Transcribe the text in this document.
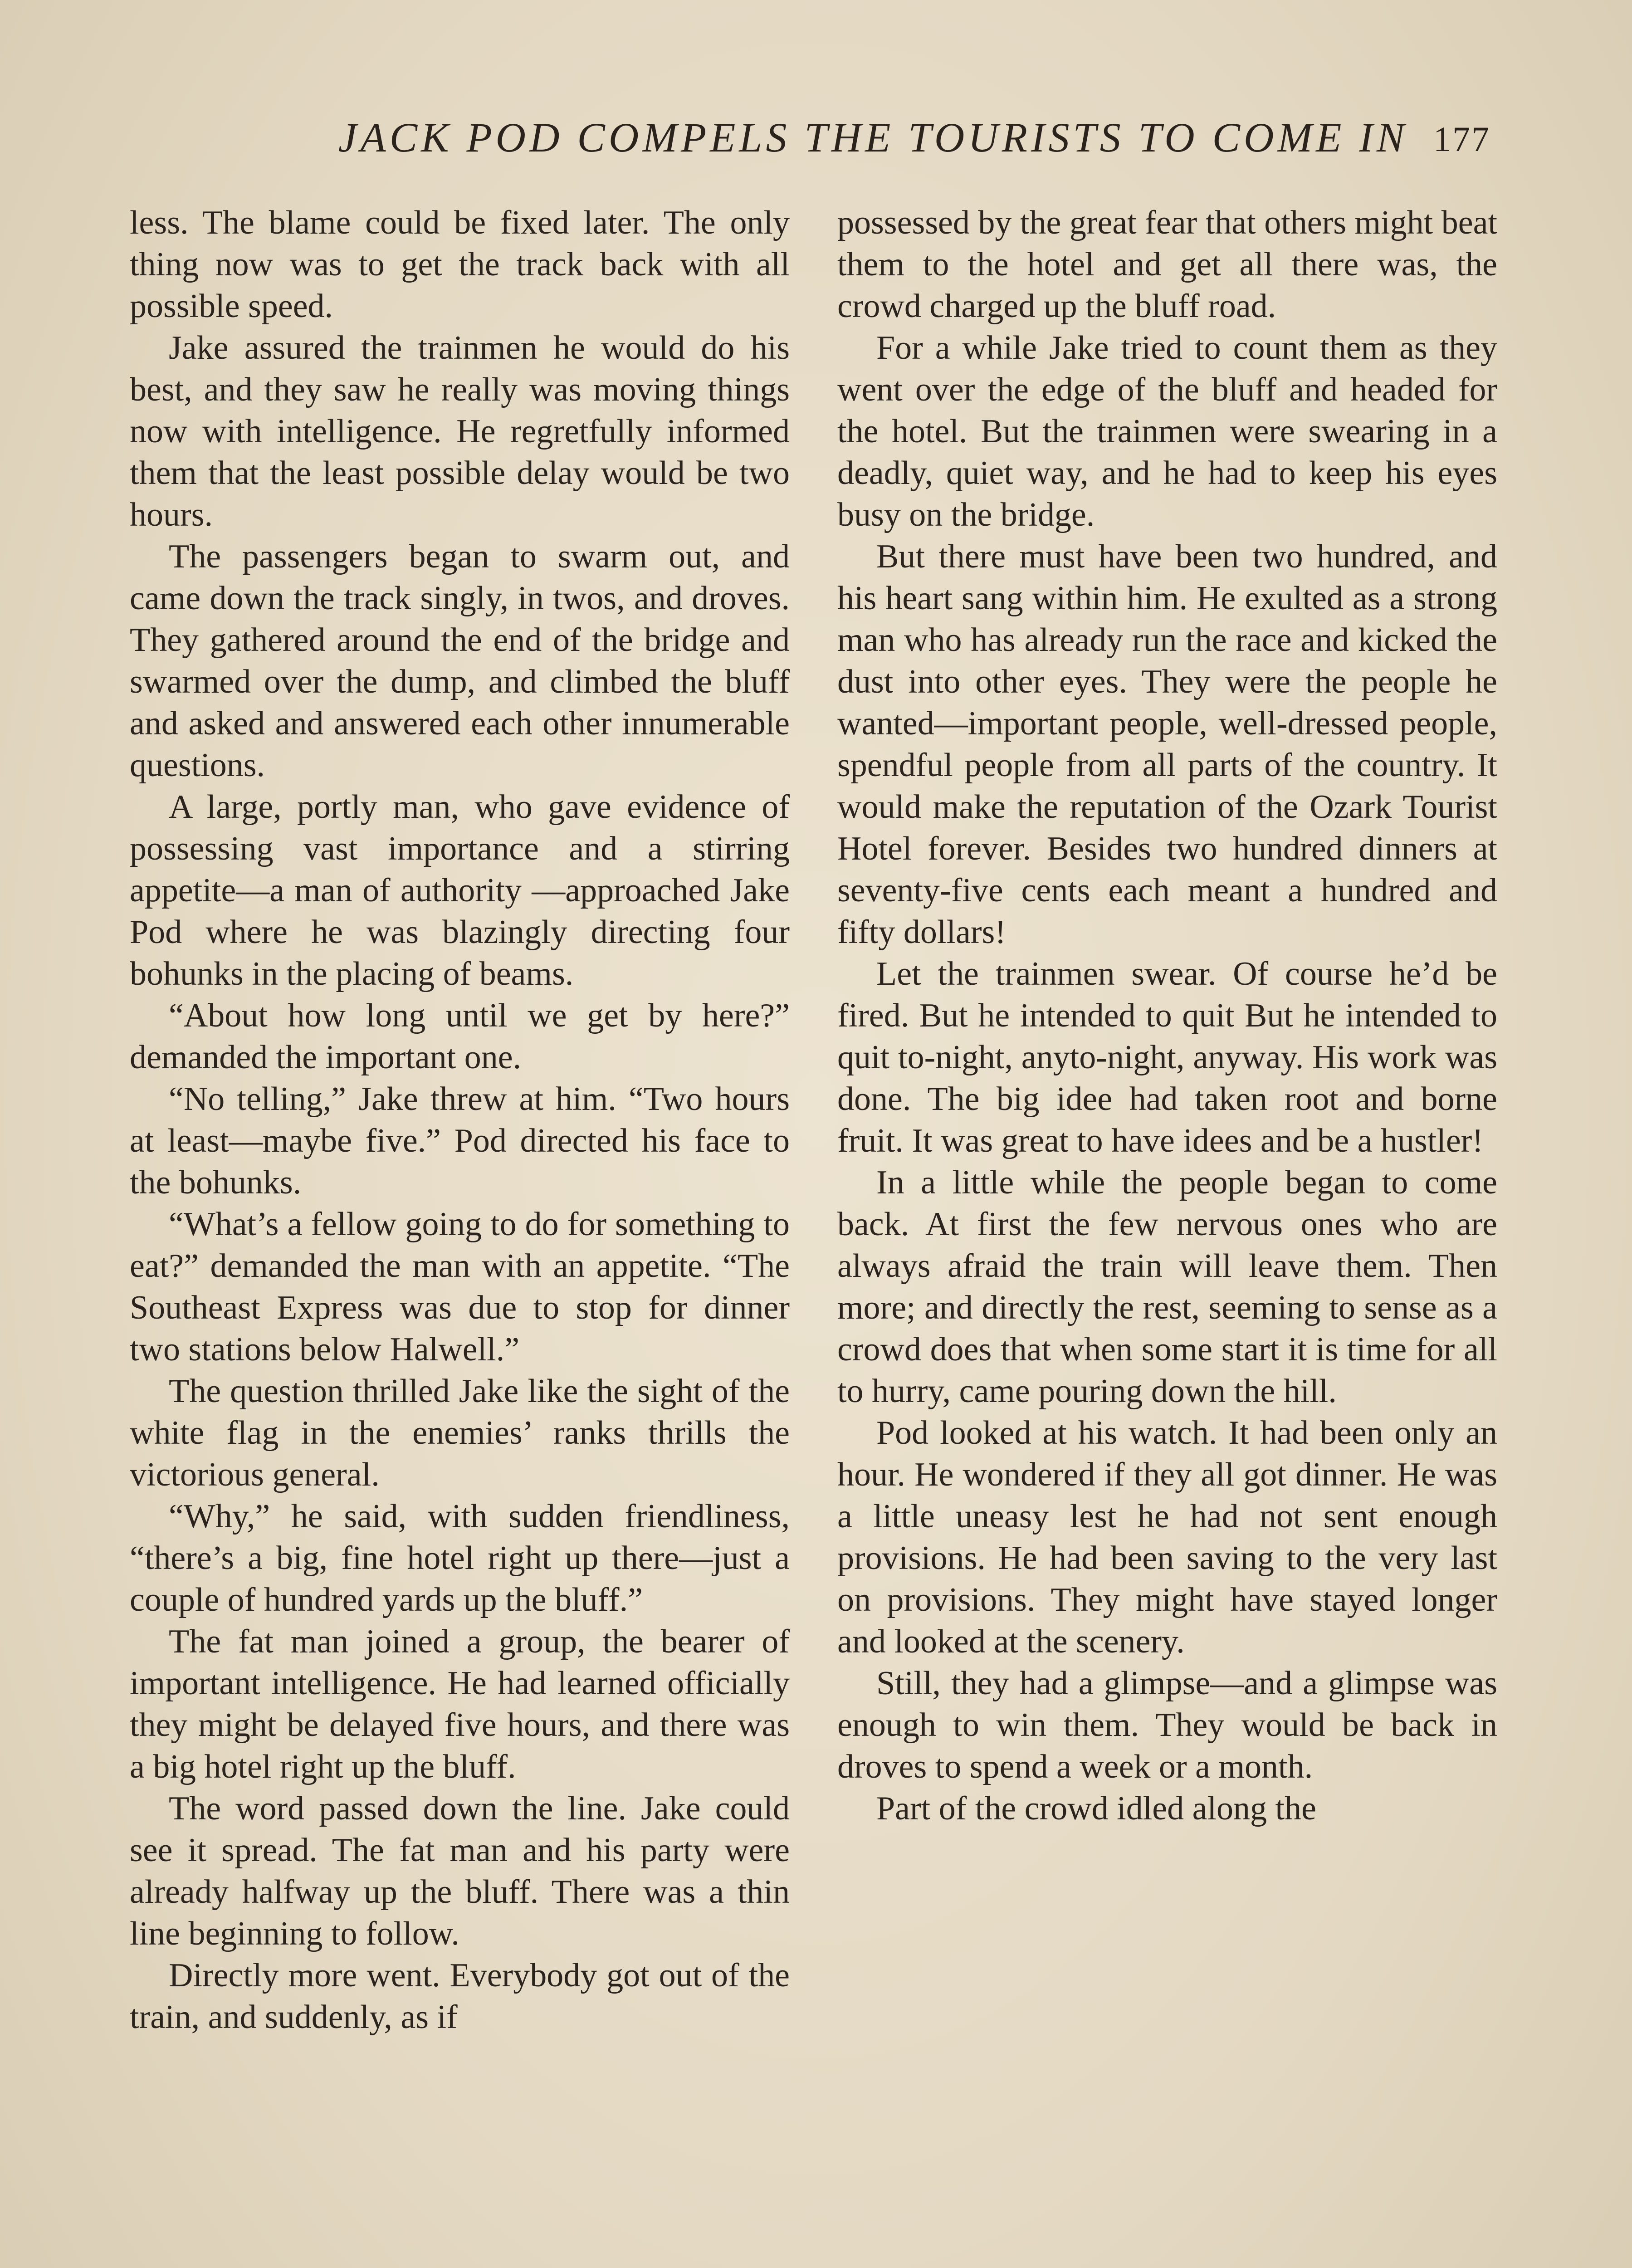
JACK POD COMPELS THE TOURISTS TO COME IN 177

less. The blame could be fixed later. The only thing now was to get the track back with all possible speed.

Jake assured the trainmen he would do his best, and they saw he really was moving things now with intelligence. He regretfully informed them that the least possible delay would be two hours.

The passengers began to swarm out, and came down the track singly, in twos, and droves. They gathered around the end of the bridge and swarmed over the dump, and climbed the bluff and asked and answered each other innumerable questions.

A large, portly man, who gave evidence of possessing vast importance and a stirring appetite—a man of authority —approached Jake Pod where he was blazingly directing four bohunks in the placing of beams.

“About how long until we get by here?” demanded the important one.

“No telling,” Jake threw at him. “Two hours at least—maybe five.” Pod directed his face to the bohunks.

“What’s a fellow going to do for something to eat?” demanded the man with an appetite. “The Southeast Express was due to stop for dinner two stations below Halwell.”

The question thrilled Jake like the sight of the white flag in the enemies’ ranks thrills the victorious general.

“Why,” he said, with sudden friendliness, “there’s a big, fine hotel right up there—just a couple of hundred yards up the bluff.”

The fat man joined a group, the bearer of important intelligence. He had learned officially they might be delayed five hours, and there was a big hotel right up the bluff.

The word passed down the line. Jake could see it spread. The fat man and his party were already halfway up the bluff. There was a thin line beginning to follow.

Directly more went. Everybody got out of the train, and suddenly, as if

possessed by the great fear that others might beat them to the hotel and get all there was, the crowd charged up the bluff road.

For a while Jake tried to count them as they went over the edge of the bluff and headed for the hotel. But the trainmen were swearing in a deadly, quiet way, and he had to keep his eyes busy on the bridge.

But there must have been two hundred, and his heart sang within him. He exulted as a strong man who has already run the race and kicked the dust into other eyes. They were the people he wanted—important people, well-dressed people, spendful people from all parts of the country. It would make the reputation of the Ozark Tourist Hotel forever. Besides two hundred dinners at seventy-five cents each meant a hundred and fifty dollars!

Let the trainmen swear. Of course he’d be fired. But he intended to quit But he intended to quit to-night, anyto-night, anyway. His work was done. The big idee had taken root and borne fruit. It was great to have idees and be a hustler!

In a little while the people began to come back. At first the few nervous ones who are always afraid the train will leave them. Then more; and directly the rest, seeming to sense as a crowd does that when some start it is time for all to hurry, came pouring down the hill.

Pod looked at his watch. It had been only an hour. He wondered if they all got dinner. He was a little uneasy lest he had not sent enough provisions. He had been saving to the very last on provisions. They might have stayed longer and looked at the scenery.

Still, they had a glimpse—and a glimpse was enough to win them. They would be back in droves to spend a week or a month.

Part of the crowd idled along the
